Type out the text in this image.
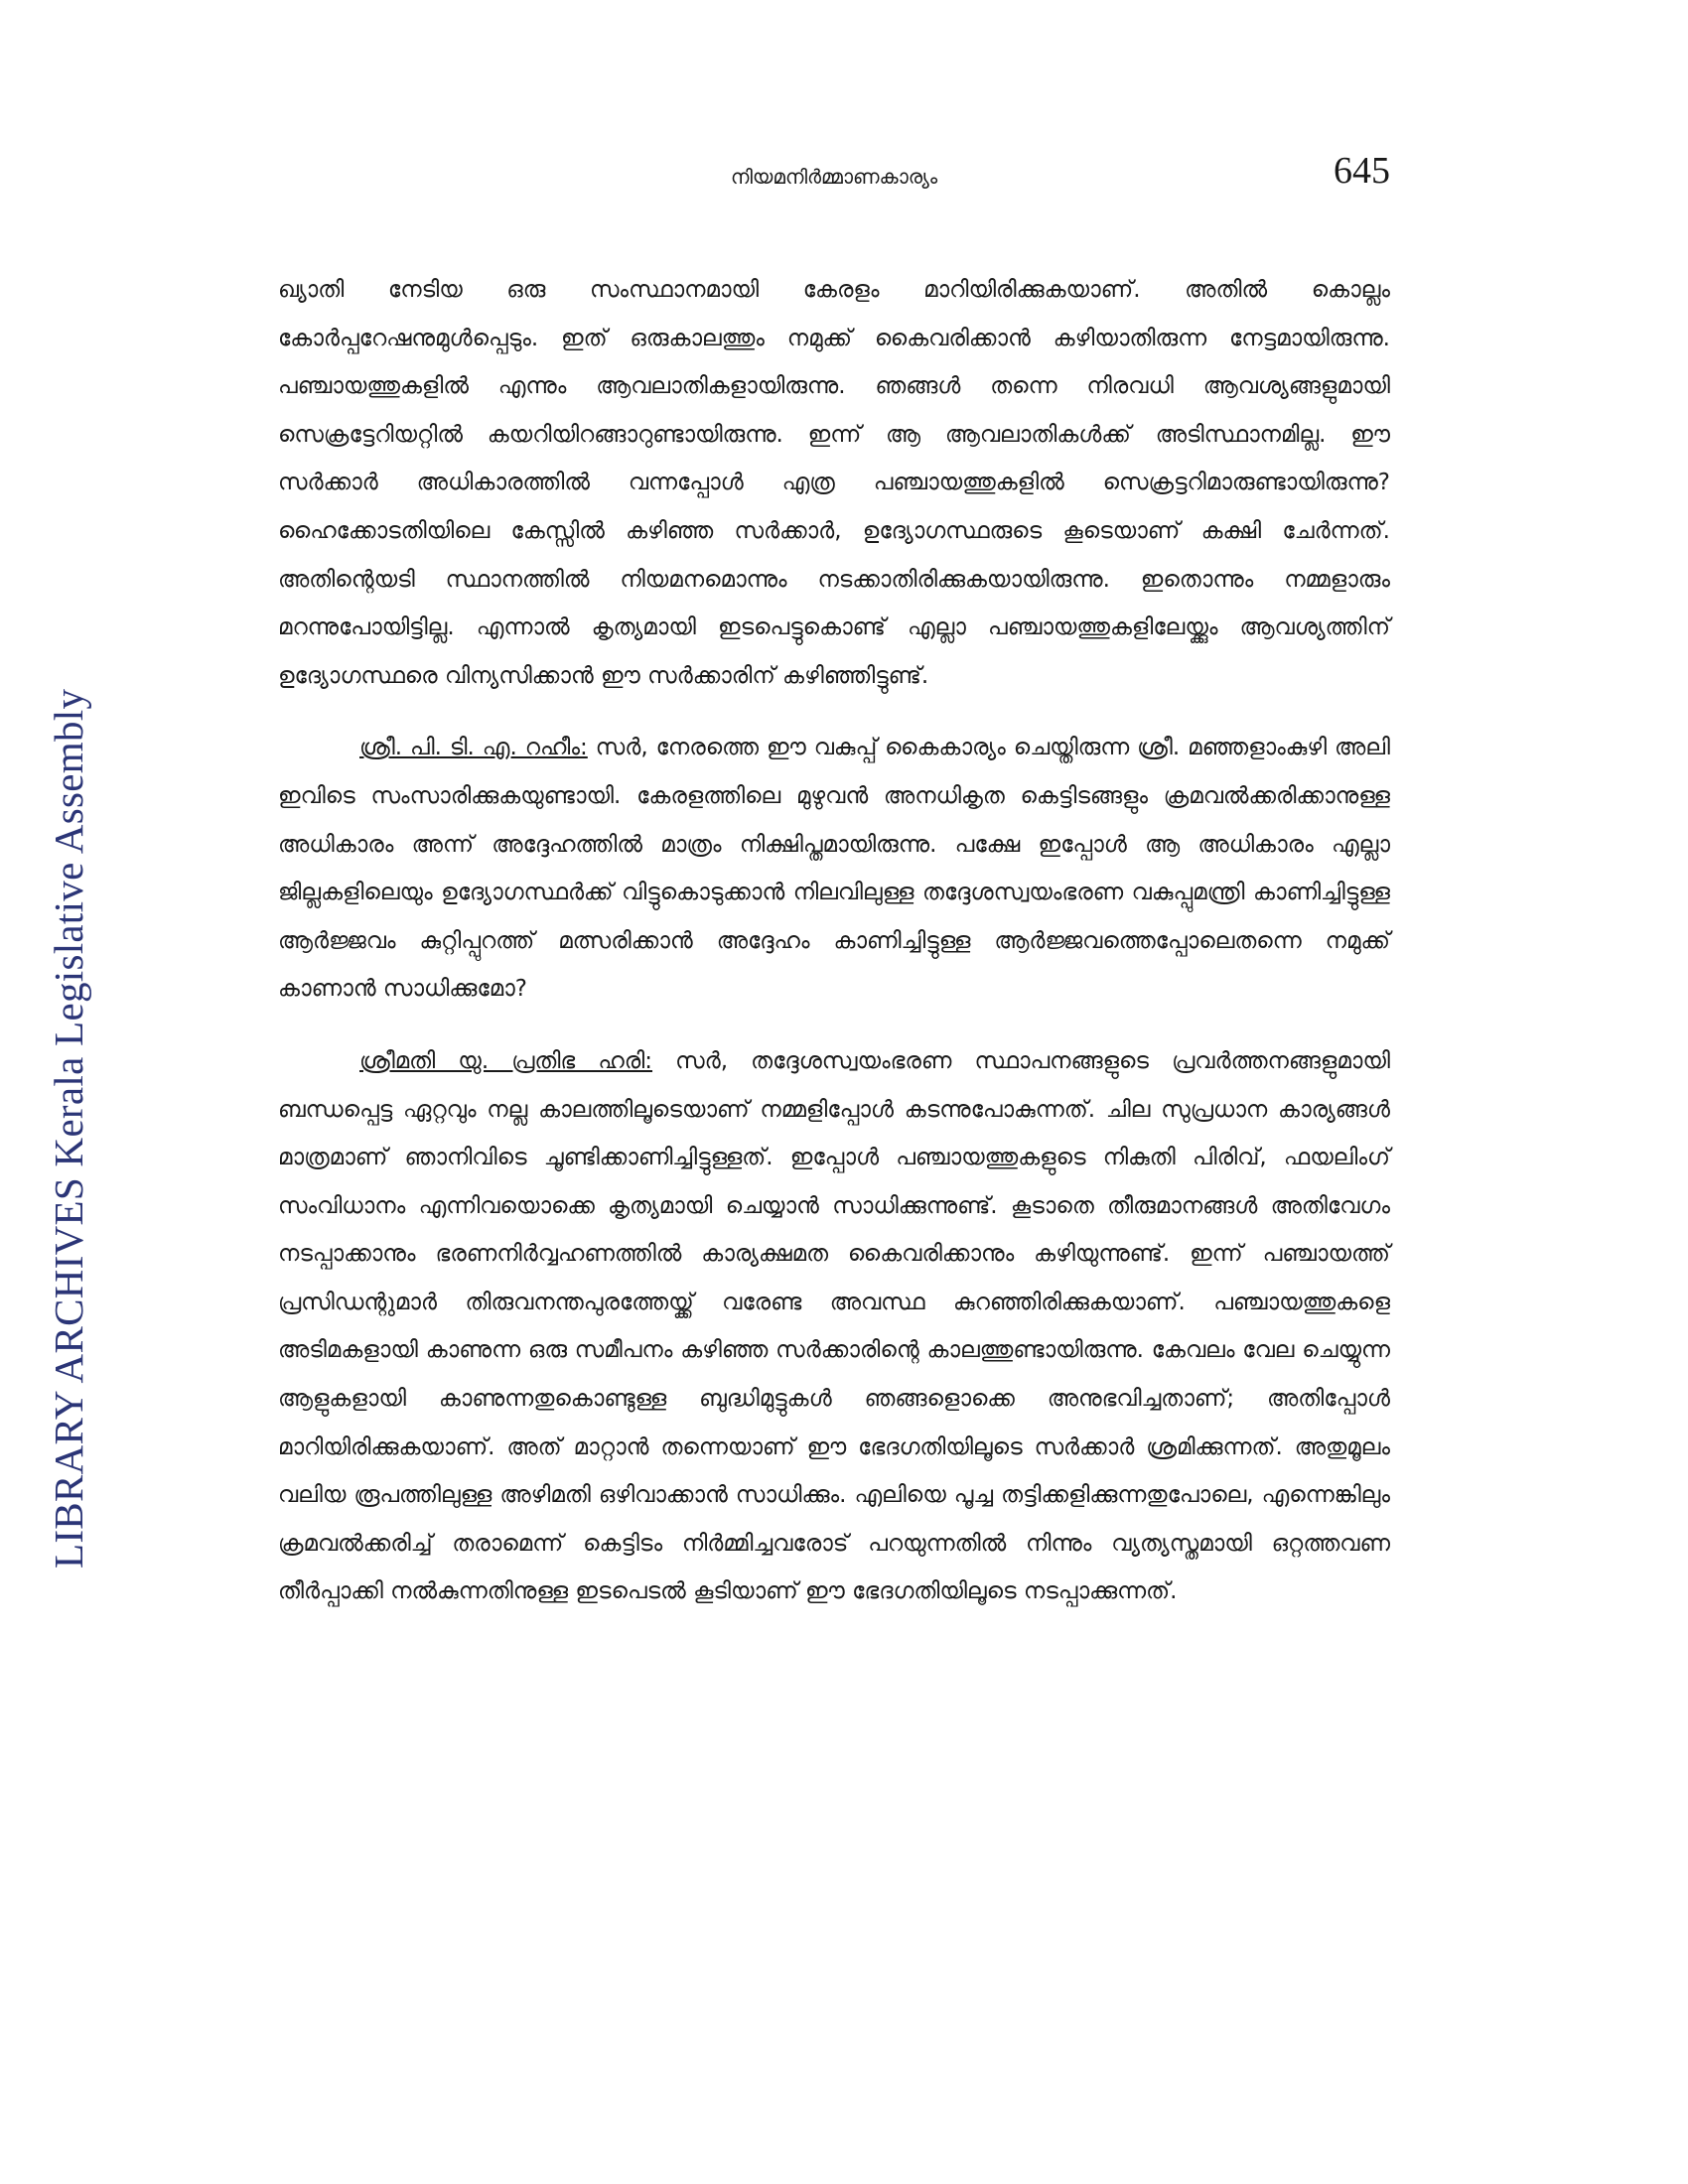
നിയമനിർമ്മാണകാര്യം	645
LIBRARY ARCHIVES Kerala Legislative Assembly

ഖ്യാതി നേടിയ ഒരു സംസ്ഥാനമായി കേരളം മാറിയിരിക്കുകയാണ്. അതിൽ കൊല്ലം കോർപ്പറേഷനുമുൾപ്പെടും. ഇത് ഒരുകാലത്തും നമുക്ക് കൈവരിക്കാൻ കഴിയാതിരുന്ന നേട്ടമായിരുന്നു. പഞ്ചായത്തുകളിൽ എന്നും ആവലാതികളായിരുന്നു. ഞങ്ങൾ തന്നെ നിരവധി ആവശ്യങ്ങളുമായി സെക്രട്ടേറിയറ്റിൽ കയറിയിറങ്ങാറുണ്ടായിരുന്നു. ഇന്ന് ആ ആവലാതികൾക്ക് അടിസ്ഥാനമില്ല. ഈ സർക്കാർ അധികാരത്തിൽ വന്നപ്പോൾ എത്ര പഞ്ചായത്തുകളിൽ സെക്രട്ടറിമാരുണ്ടായിരുന്നു? ഹൈക്കോടതിയിലെ കേസ്സിൽ കഴിഞ്ഞ സർക്കാർ, ഉദ്യോഗസ്ഥരുടെ കൂടെയാണ് കക്ഷി ചേർന്നത്. അതിന്റെയടി സ്ഥാനത്തിൽ നിയമനമൊന്നും നടക്കാതിരിക്കുകയായിരുന്നു. ഇതൊന്നും നമ്മളാരും മറന്നുപോയിട്ടില്ല. എന്നാൽ കൃത്യമായി ഇടപെട്ടുകൊണ്ട് എല്ലാ പഞ്ചായത്തുകളിലേയ്ക്കും ആവശ്യത്തിന് ഉദ്യോഗസ്ഥരെ വിന്യസിക്കാൻ ഈ സർക്കാരിന് കഴിഞ്ഞിട്ടുണ്ട്.

ശ്രീ. പി. ടി. എ. റഹീം: സർ, നേരത്തെ ഈ വകുപ്പ് കൈകാര്യം ചെയ്തിരുന്ന ശ്രീ. മഞ്ഞളാംകുഴി അലി ഇവിടെ സംസാരിക്കുകയുണ്ടായി. കേരളത്തിലെ മുഴുവൻ അനധികൃത കെട്ടിടങ്ങളും ക്രമവൽക്കരിക്കാനുള്ള അധികാരം അന്ന് അദ്ദേഹത്തിൽ മാത്രം നിക്ഷിപ്തമായിരുന്നു. പക്ഷേ ഇപ്പോൾ ആ അധികാരം എല്ലാ ജില്ലകളിലെയും ഉദ്യോഗസ്ഥർക്ക് വിട്ടുകൊടുക്കാൻ നിലവിലുള്ള തദ്ദേശസ്വയംഭരണ വകുപ്പുമന്ത്രി കാണിച്ചിട്ടുള്ള ആർജ്ജവം കുറ്റിപ്പുറത്ത് മത്സരിക്കാൻ അദ്ദേഹം കാണിച്ചിട്ടുള്ള ആർജ്ജവത്തെപ്പോലെതന്നെ നമുക്ക് കാണാൻ സാധിക്കുമോ?

ശ്രീമതി യു. പ്രതിഭ ഹരി: സർ, തദ്ദേശസ്വയംഭരണ സ്ഥാപനങ്ങളുടെ പ്രവർത്തനങ്ങളുമായി ബന്ധപ്പെട്ട ഏറ്റവും നല്ല കാലത്തിലൂടെയാണ് നമ്മളിപ്പോൾ കടന്നുപോകുന്നത്. ചില സുപ്രധാന കാര്യങ്ങൾ മാത്രമാണ് ഞാനിവിടെ ചൂണ്ടിക്കാണിച്ചിട്ടുള്ളത്. ഇപ്പോൾ പഞ്ചായത്തുകളുടെ നികുതി പിരിവ്, ഫയലിംഗ് സംവിധാനം എന്നിവയൊക്കെ കൃത്യമായി ചെയ്യാൻ സാധിക്കുന്നുണ്ട്. കൂടാതെ തീരുമാനങ്ങൾ അതിവേഗം നടപ്പാക്കാനും ഭരണനിർവ്വഹണത്തിൽ കാര്യക്ഷമത കൈവരിക്കാനും കഴിയുന്നുണ്ട്. ഇന്ന് പഞ്ചായത്ത് പ്രസിഡന്റുമാർ തിരുവനന്തപുരത്തേയ്ക്ക് വരേണ്ട അവസ്ഥ കുറഞ്ഞിരിക്കുകയാണ്. പഞ്ചായത്തുകളെ അടിമകളായി കാണുന്ന ഒരു സമീപനം കഴിഞ്ഞ സർക്കാരിന്റെ കാലത്തുണ്ടായിരുന്നു. കേവലം വേല ചെയ്യുന്ന ആളുകളായി കാണുന്നതുകൊണ്ടുള്ള ബുദ്ധിമുട്ടുകൾ ഞങ്ങളൊക്കെ അനുഭവിച്ചതാണ്; അതിപ്പോൾ മാറിയിരിക്കുകയാണ്. അത് മാറ്റാൻ തന്നെയാണ് ഈ ഭേദഗതിയിലൂടെ സർക്കാർ ശ്രമിക്കുന്നത്. അതുമൂലം വലിയ രൂപത്തിലുള്ള അഴിമതി ഒഴിവാക്കാൻ സാധിക്കും. എലിയെ പൂച്ച തട്ടിക്കളിക്കുന്നതുപോലെ, എന്നെങ്കിലും ക്രമവൽക്കരിച്ച് തരാമെന്ന് കെട്ടിടം നിർമ്മിച്ചവരോട് പറയുന്നതിൽ നിന്നും വ്യത്യസ്തമായി ഒറ്റത്തവണ തീർപ്പാക്കി നൽകുന്നതിനുള്ള ഇടപെടൽ കൂടിയാണ് ഈ ഭേദഗതിയിലൂടെ നടപ്പാക്കുന്നത്.
